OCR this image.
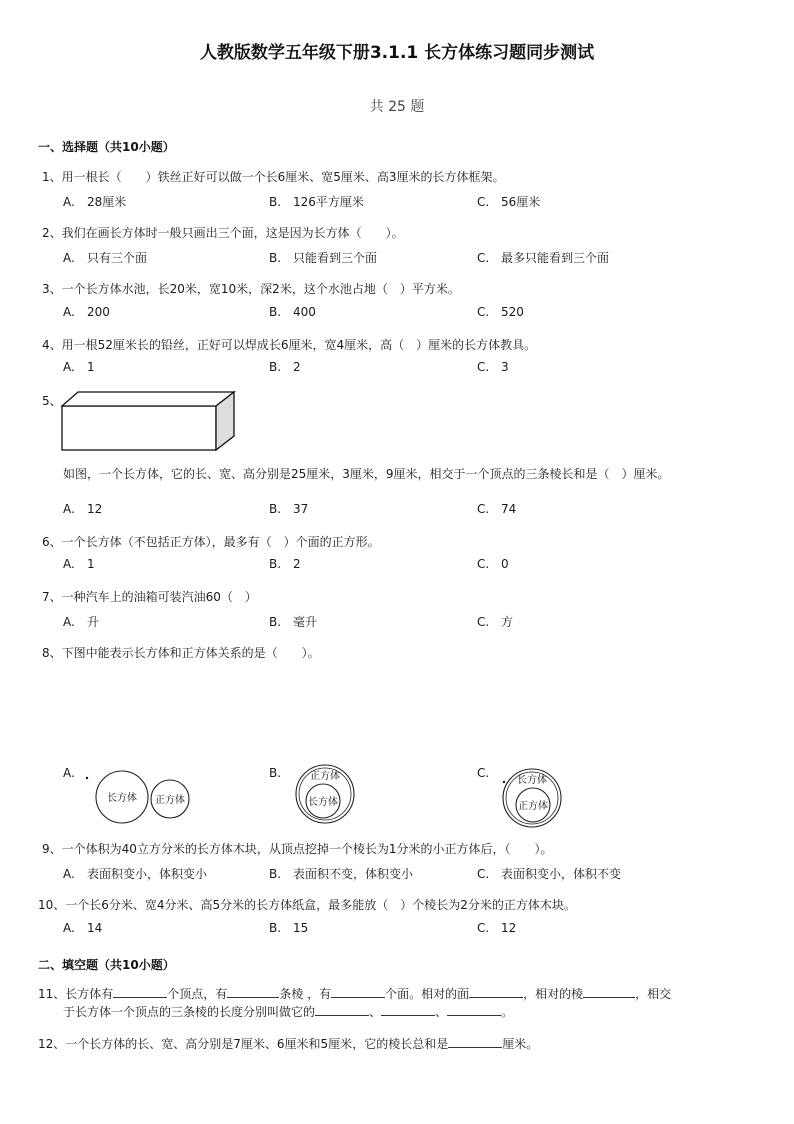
人教版数学五年级下册3.1.1 长方体练习题同步测试
共 25 题
一、选择题（共10小题）
1、用一根长（　　）铁丝正好可以做一个长6厘米、宽5厘米、高3厘米的长方体框架。
A. 28厘米	B. 126平方厘米	C. 56厘米
2、我们在画长方体时一般只画出三个面，这是因为长方体（　　）。
A. 只有三个面	B. 只能看到三个面	C. 最多只能看到三个面
3、一个长方体水池，长20米，宽10米，深2米，这个水池占地（　）平方米。
A. 200	B. 400	C. 520
4、用一根52厘米长的铅丝，正好可以焊成长6厘米，宽4厘米，高（　）厘米的长方体教具。
A. 1	B. 2	C. 3
5、
如图，一个长方体，它的长、宽、高分别是25厘米，3厘米，9厘米，相交于一个顶点的三条棱长和是（　）厘米。
A. 12	B. 37	C. 74
6、一个长方体（不包括正方体），最多有（　）个面的正方形。
A. 1	B. 2	C. 0
7、一种汽车上的油箱可装汽油60（　）
A. 升	B. 毫升	C. 方
8、下图中能表示长方体和正方体关系的是（　　）。
A.
长方体 正方体
B.	正方体
长方体
C.
长方体
正方体
9、一个体积为40立方分米的长方体木块，从顶点挖掉一个棱长为1分米的小正方体后，（　　）。
A. 表面积变小，体积变小	B. 表面积不变，体积变小	C. 表面积变小，体积不变
10、一个长6分米、宽4分米、高5分米的长方体纸盒，最多能放（　）个棱长为2分米的正方体木块。
A. 14	B. 15	C. 12
二、填空题（共10小题）
11、长方体有	个顶点，有	条棱 ，有	个面。相对的面	，相对的棱	，相交
于长方体一个顶点的三条棱的长度分别叫做它的	、	、	。
12、一个长方体的长、宽、高分别是7厘米、6厘米和5厘米，它的棱长总和是	厘米。
